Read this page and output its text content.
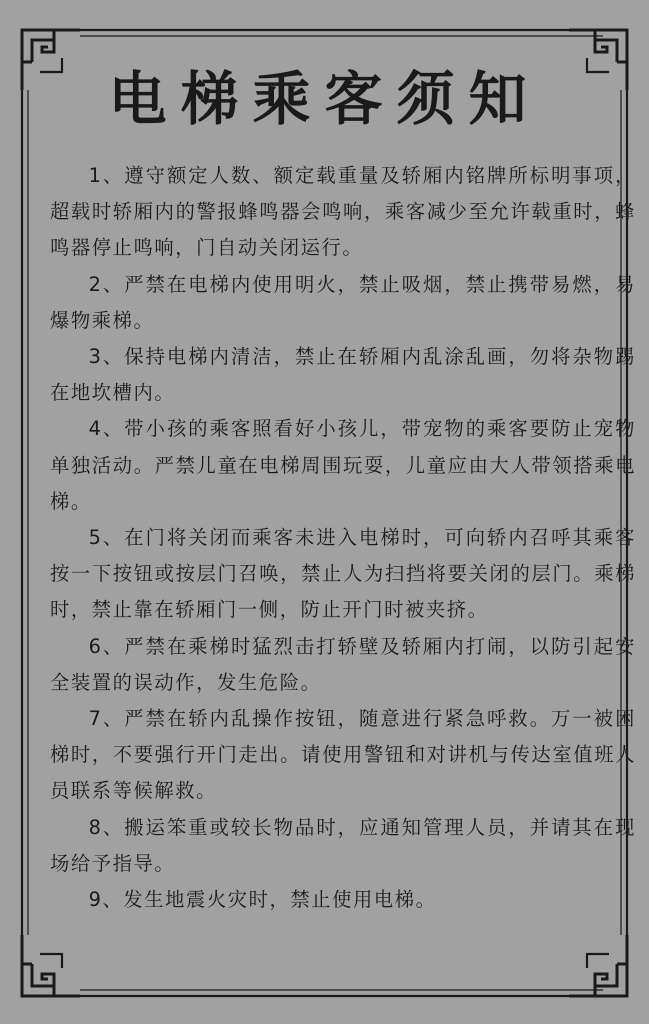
电梯乘客须知

1、遵守额定人数、额定载重量及轿厢内铭牌所标明事项，超载时轿厢内的警报蜂鸣器会鸣响，乘客减少至允许载重时，蜂鸣器停止鸣响，门自动关闭运行。

2、严禁在电梯内使用明火，禁止吸烟，禁止携带易燃，易爆物乘梯。

3、保持电梯内清洁，禁止在轿厢内乱涂乱画，勿将杂物踢在地坎槽内。

4、带小孩的乘客照看好小孩儿，带宠物的乘客要防止宠物单独活动。严禁儿童在电梯周围玩耍，儿童应由大人带领搭乘电梯。

5、在门将关闭而乘客未进入电梯时，可向轿内召呼其乘客按一下按钮或按层门召唤，禁止人为扫挡将要关闭的层门。乘梯时，禁止靠在轿厢门一侧，防止开门时被夹挤。

6、严禁在乘梯时猛烈击打轿壁及轿厢内打闹，以防引起安全装置的误动作，发生危险。

7、严禁在轿内乱操作按钮，随意进行紧急呼救。万一被困梯时，不要强行开门走出。请使用警钮和对讲机与传达室值班人员联系等候解救。

8、搬运笨重或较长物品时，应通知管理人员，并请其在现场给予指导。

9、发生地震火灾时，禁止使用电梯。
